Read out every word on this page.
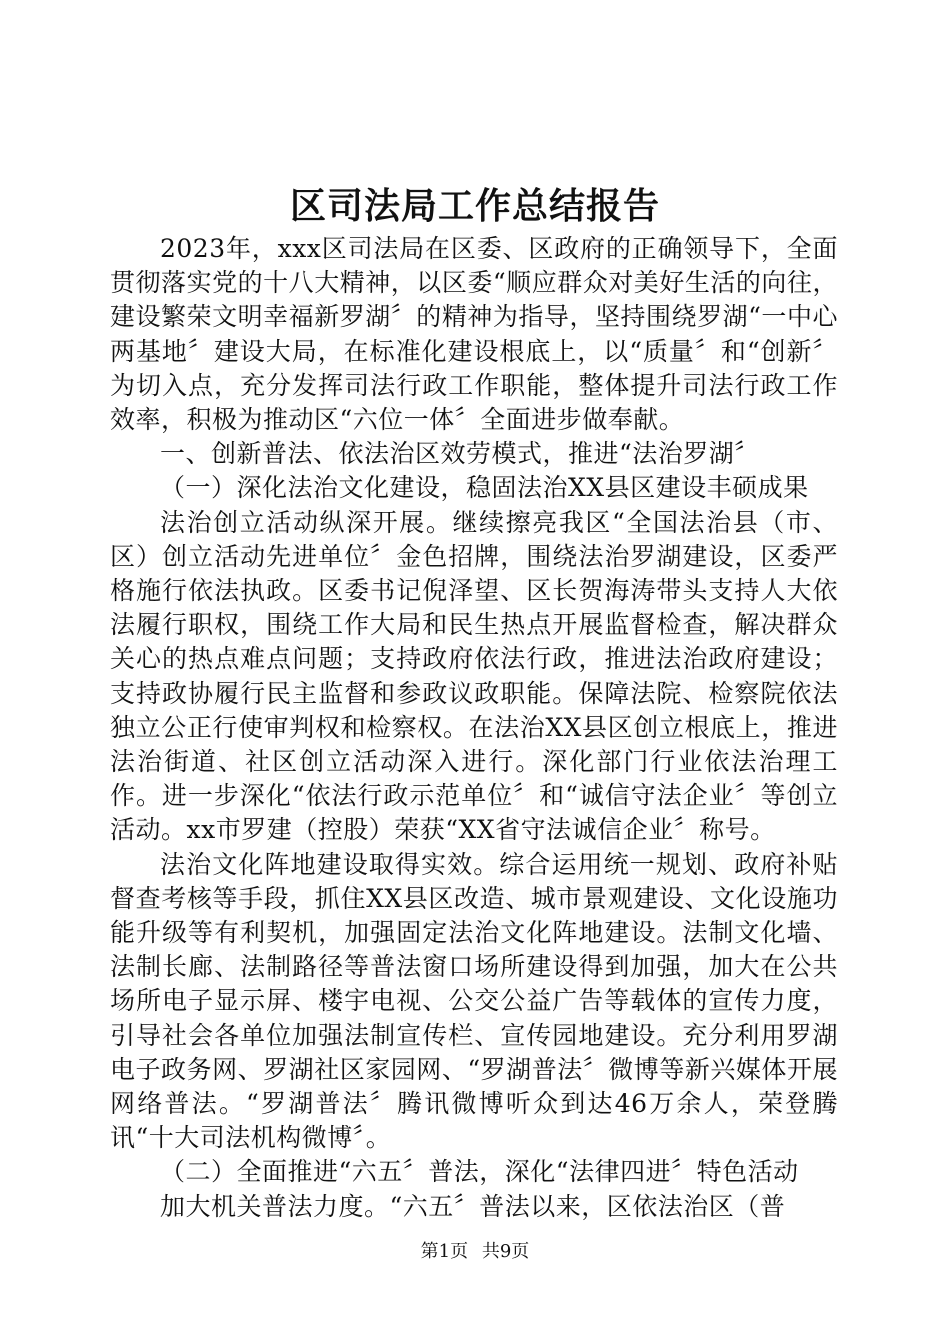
区司法局工作总结报告

2023年，xxx区司法局在区委、区政府的正确领导下，全面贯彻落实党的十八大精神，以区委“顺应群众对美好生活的向往，建设繁荣文明幸福新罗湖〞的精神为指导，坚持围绕罗湖“一中心两基地〞建设大局，在标准化建设根底上，以“质量〞和“创新〞为切入点，充分发挥司法行政工作职能，整体提升司法行政工作效率，积极为推动区“六位一体〞全面进步做奉献。

一、创新普法、依法治区效劳模式，推进“法治罗湖〞

（一）深化法治文化建设，稳固法治XX县区建设丰硕成果

法治创立活动纵深开展。继续擦亮我区“全国法治县（市、区）创立活动先进单位〞金色招牌，围绕法治罗湖建设，区委严格施行依法执政。区委书记倪泽望、区长贺海涛带头支持人大依法履行职权，围绕工作大局和民生热点开展监督检查，解决群众关心的热点难点问题；支持政府依法行政，推进法治政府建设；支持政协履行民主监督和参政议政职能。保障法院、检察院依法独立公正行使审判权和检察权。在法治XX县区创立根底上，推进法治街道、社区创立活动深入进行。深化部门行业依法治理工作。进一步深化“依法行政示范单位〞和“诚信守法企业〞等创立活动。xx市罗建（控股）荣获“XX省守法诚信企业〞称号。

法治文化阵地建设取得实效。综合运用统一规划、政府补贴督查考核等手段，抓住XX县区改造、城市景观建设、文化设施功能升级等有利契机，加强固定法治文化阵地建设。法制文化墙、法制长廊、法制路径等普法窗口场所建设得到加强，加大在公共场所电子显示屏、楼宇电视、公交公益广告等载体的宣传力度，引导社会各单位加强法制宣传栏、宣传园地建设。充分利用罗湖电子政务网、罗湖社区家园网、“罗湖普法〞微博等新兴媒体开展网络普法。“罗湖普法〞腾讯微博听众到达46万余人，荣登腾讯“十大司法机构微博〞。

（二）全面推进“六五〞普法，深化“法律四进〞特色活动

加大机关普法力度。“六五〞普法以来，区依法治区（普

第1页 共9页
